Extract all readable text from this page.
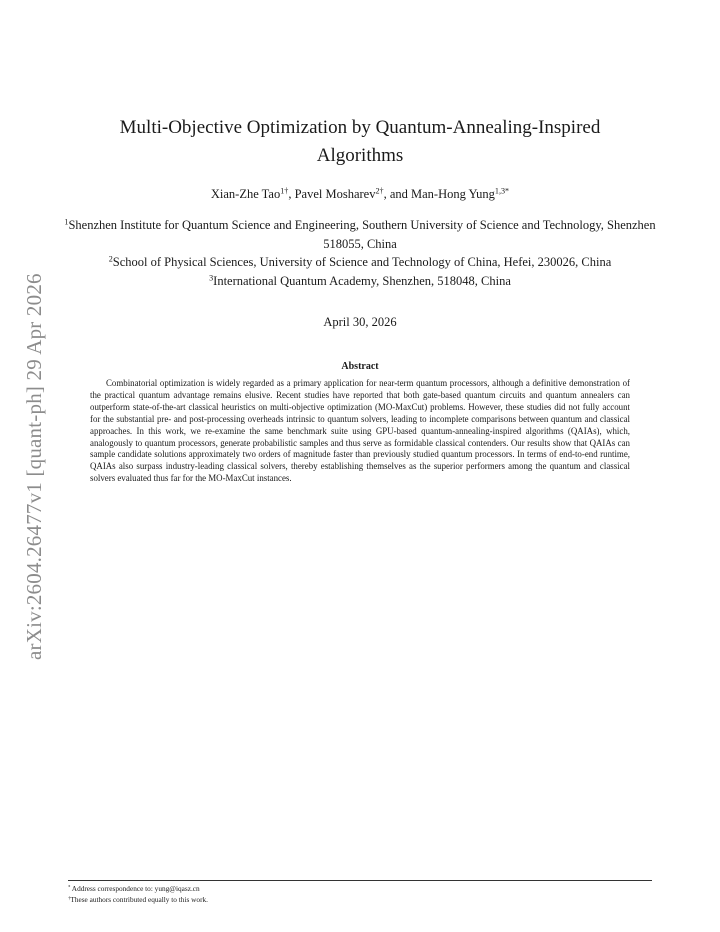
arXiv:2604.26477v1 [quant-ph] 29 Apr 2026
Multi-Objective Optimization by Quantum-Annealing-Inspired Algorithms
Xian-Zhe Tao$^{1\dagger}$, Pavel Mosharev$^{2\dagger}$, and Man-Hong Yung$^{1,3*}$

$^1$Shenzhen Institute for Quantum Science and Engineering, Southern University of Science and Technology, Shenzhen 518055, China

$^2$School of Physical Sciences, University of Science and Technology of China, Hefei, 230026, China

$^3$International Quantum Academy, Shenzhen, 518048, China

April 30, 2026
Abstract

Combinatorial optimization is widely regarded as a primary application for near-term quantum processors, although a definitive demonstration of the practical quantum advantage remains elusive. Recent studies have reported that both gate-based quantum circuits and quantum annealers can outperform state-of-the-art classical heuristics on multi-objective optimization (MO-MaxCut) problems. However, these studies did not fully account for the substantial pre- and post-processing overheads intrinsic to quantum solvers, leading to incomplete comparisons between quantum and classical approaches. In this work, we re-examine the same benchmark suite using GPU-based quantum-annealing-inspired algorithms (QAIAs), which, analogously to quantum processors, generate probabilistic samples and thus serve as formidable classical contenders. Our results show that QAIAs can sample candidate solutions approximately two orders of magnitude faster than previously studied quantum processors. In terms of end-to-end runtime, QAIAs also surpass industry-leading classical solvers, thereby establishing themselves as the superior performers among the quantum and classical solvers evaluated thus far for the MO-MaxCut instances.

* Address correspondence to: yung@iqasz.cn

†These authors contributed equally to this work.
